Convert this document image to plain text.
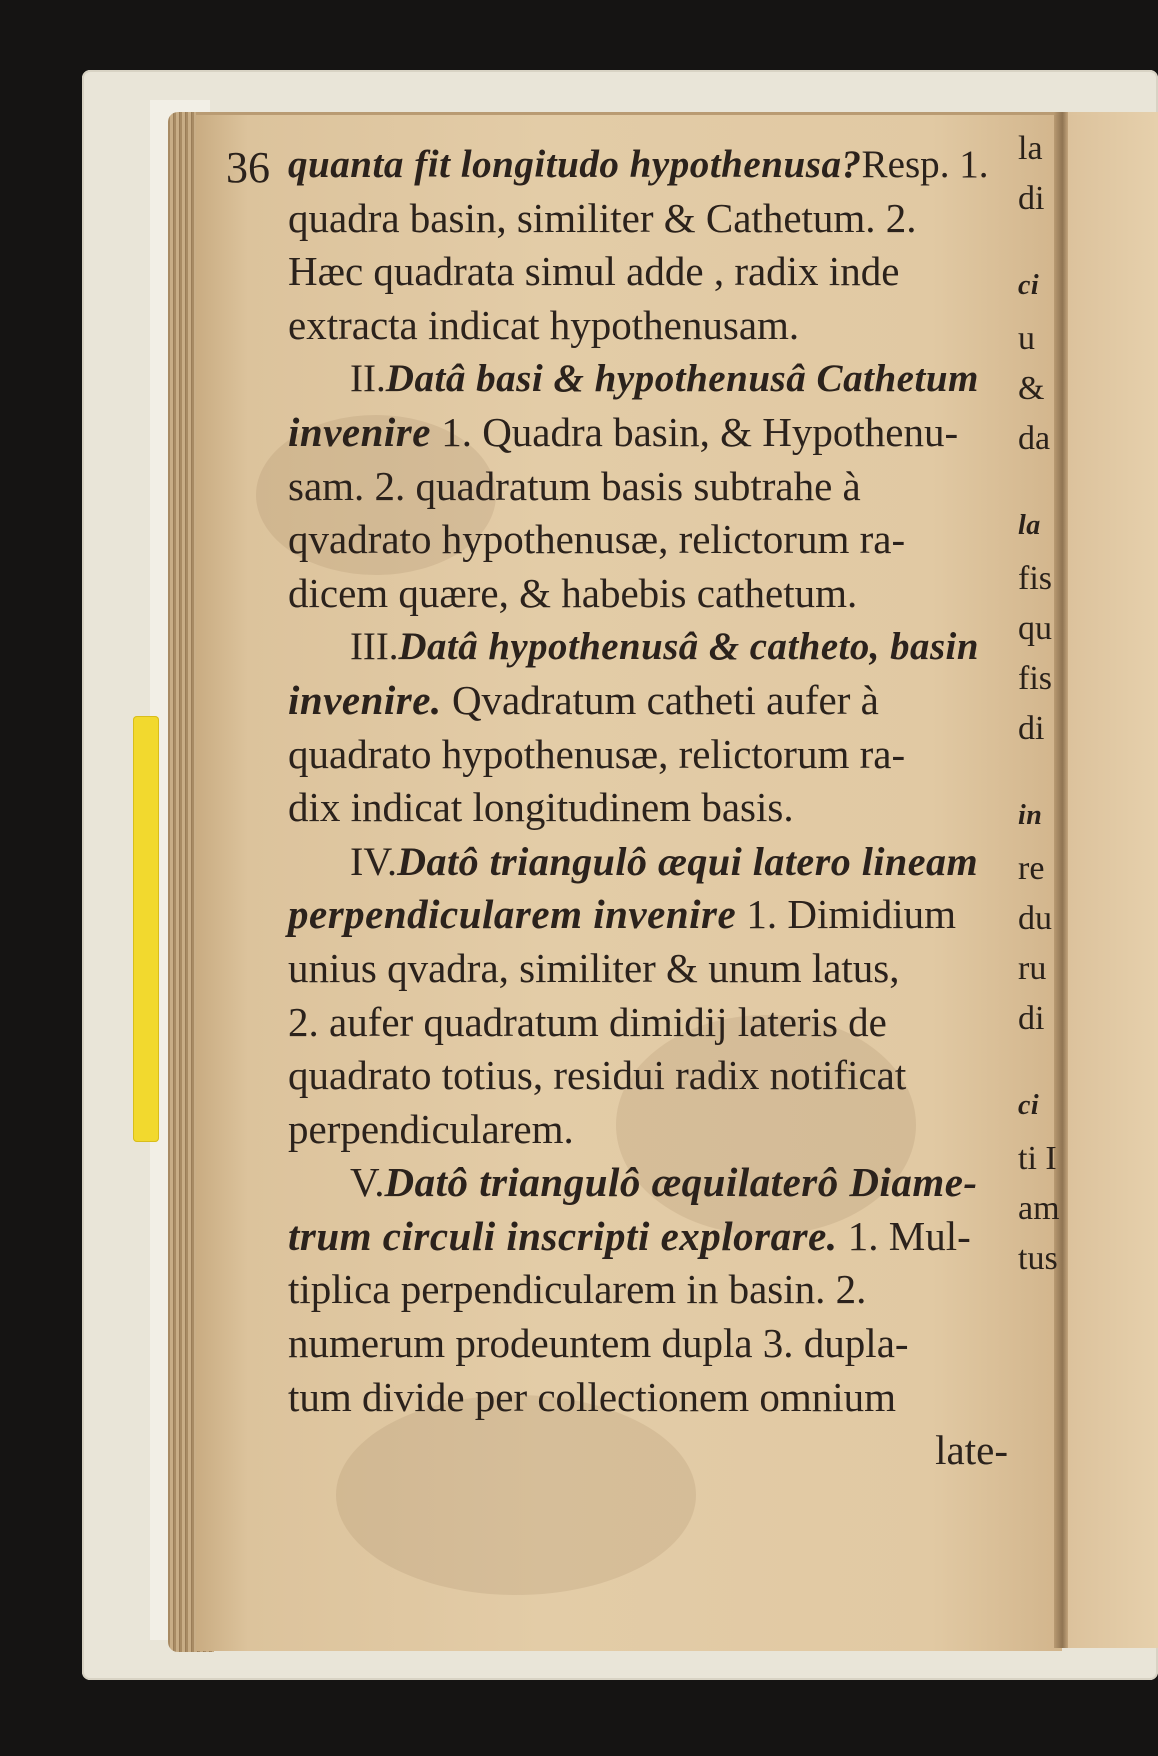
la
di
ci
u
&
da
la
fis
qu
fis
di
in
re
du
ru
di
ci
ti I
am
tus
36 quanta fit longitudo hypothenusa?Resp. 1.
quadra basin, similiter & Cathetum. 2.
Hæc quadrata simul adde , radix inde
extracta indicat hypothenusam.
II.Datâ basi & hypothenusâ Cathetum
invenire 1. Quadra basin, & Hypothenu-
sam. 2. quadratum basis subtrahe à
qvadrato hypothenusæ, relictorum ra-
dicem quære, & habebis cathetum.
III.Datâ hypothenusâ & catheto, basin
invenire. Qvadratum catheti aufer à
quadrato hypothenusæ, relictorum ra-
dix indicat longitudinem basis.
IV.Datô triangulô æqui latero lineam
perpendicularem invenire 1. Dimidium
unius qvadra, similiter & unum latus,
2. aufer quadratum dimidij lateris de
quadrato totius, residui radix notificat
perpendicularem.
V.Datô triangulô æquilaterô Diame-
trum circuli inscripti explorare. 1. Mul-
tiplica perpendicularem in basin. 2.
numerum prodeuntem dupla 3. dupla-
tum divide per collectionem omnium
late-
